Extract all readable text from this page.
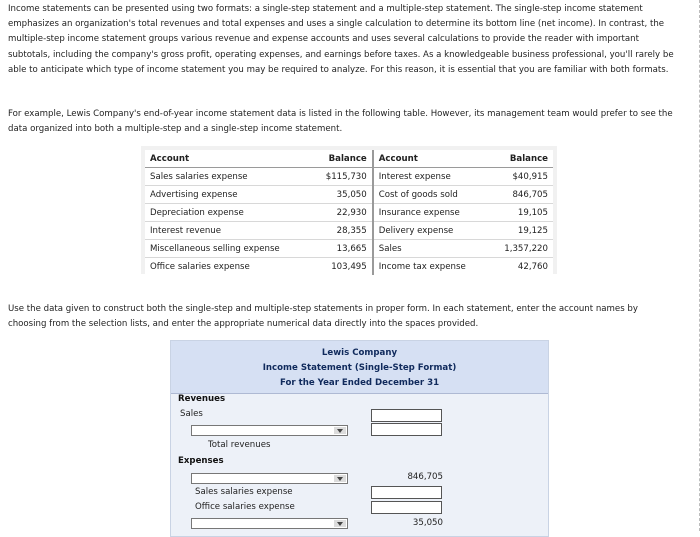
Income statements can be presented using two formats: a single-step statement and a multiple-step statement. The single-step income statement emphasizes an organization's total revenues and total expenses and uses a single calculation to determine its bottom line (net income). In contrast, the multiple-step income statement groups various revenue and expense accounts and uses several calculations to provide the reader with important subtotals, including the company's gross profit, operating expenses, and earnings before taxes. As a knowledgeable business professional, you'll rarely be able to anticipate which type of income statement you may be required to analyze. For this reason, it is essential that you are familiar with both formats.

For example, Lewis Company's end-of-year income statement data is listed in the following table. However, its management team would prefer to see the data organized into both a multiple-step and a single-step income statement.

Account	Balance	Account	Balance
Sales salaries expense	$115,730	Interest expense	$40,915
Advertising expense	35,050	Cost of goods sold	846,705
Depreciation expense	22,930	Insurance expense	19,105
Interest revenue	28,355	Delivery expense	19,125
Miscellaneous selling expense	13,665	Sales	1,357,220
Office salaries expense	103,495	Income tax expense	42,760

Use the data given to construct both the single-step and multiple-step statements in proper form. In each statement, enter the account names by choosing from the selection lists, and enter the appropriate numerical data directly into the spaces provided.

Lewis Company
Income Statement (Single-Step Format)
For the Year Ended December 31
Revenues
Sales
Total revenues
Expenses
846,705
Sales salaries expense
Office salaries expense
35,050
